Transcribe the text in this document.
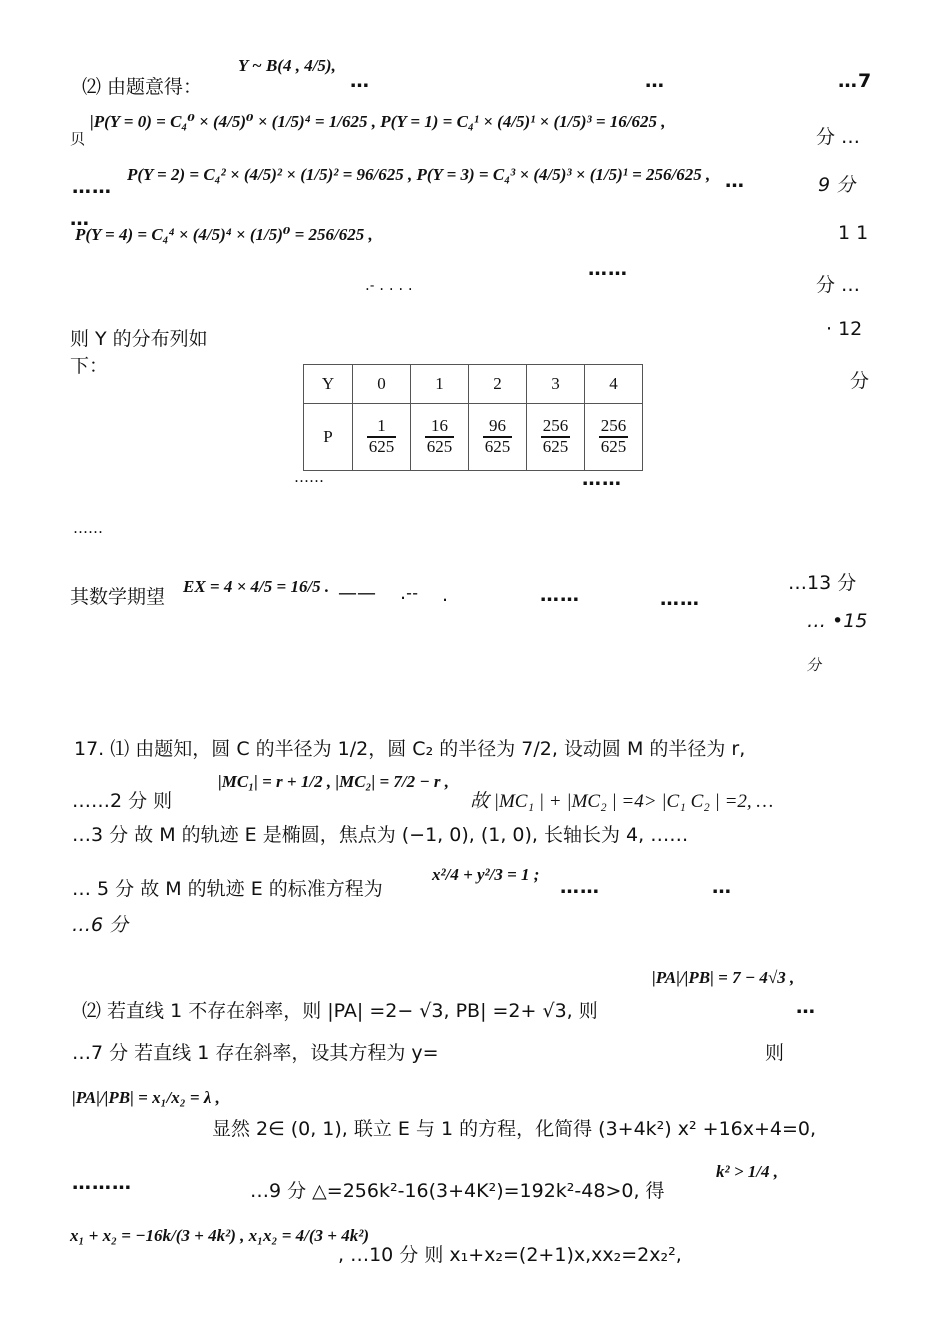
⑵ 由题意得：
Y ~ B(4 , 4/5),
…	…	…7
贝
|P(Y = 0) = C₄⁰ × (4/5)⁰ × (1/5)⁴ = 1/625 , P(Y = 1) = C₄¹ × (4/5)¹ × (1/5)³ = 16/625 ,
分 …
……
P(Y = 2) = C₄² × (4/5)² × (1/5)² = 96/625 , P(Y = 3) = C₄³ × (4/5)³ × (1/5)¹ = 256/625 , …	9 分
…
P(Y = 4) = C₄⁴ × (4/5)⁴ × (1/5)⁰ = 256/625 ,	1 1
.˗ . . . .
……
分 …
· 12
分
则 Y 的分布列如下：
Y	0	1	2	3	4
P	$\frac{1}{625}$	$\frac{16}{625}$	$\frac{96}{625}$	$\frac{256}{625}$	$\frac{256}{625}$
……	……
……
…13 分
其数学期望 EX = 4 × 4/5 = 16/5 . —— .˗˗ .	……	……
… •15
分
17. ⑴ 由题知，圆 C 的半径为 1/2，圆 C₂ 的半径为 7/2, 设动圆 M 的半径为 r,
……2 分 则
|MC₁| = r + 1/2 , |MC₂| = 7/2 − r ,
故 |MC₁ | + |MC₂ | =4> |C₁ C₂ | =2, …
…3 分 故 M 的轨迹 E 是椭圆，焦点为 (−1, 0), (1, 0), 长轴长为 4, ……
… 5 分 故 M 的轨迹 E 的标准方程为
x²/4 + y²/3 = 1 ;
……	…
…6 分
⑵ 若直线 1 不存在斜率，则 |PA| =2− √3, PB| =2+ √3, 则
|PA|/|PB| = 7 − 4√3 ,
…
…7 分 若直线 1 存在斜率，设其方程为 y=	则
|PA|/|PB| = x₁/x₂ = λ ,
显然 2∈ (0, 1), 联立 E 与 1 的方程，化简得 (3+4k²) x² +16x+4=0,
………	…9 分 △=256k²-16(3+4K²)=192k²-48>0, 得
k² > 1/4 ,
x₁ + x₂ = −16k/(3 + 4k²) , x₁x₂ = 4/(3 + 4k²)
, …10 分 则 x₁+x₂=(2+1)x,xx₂=2x₂²,
